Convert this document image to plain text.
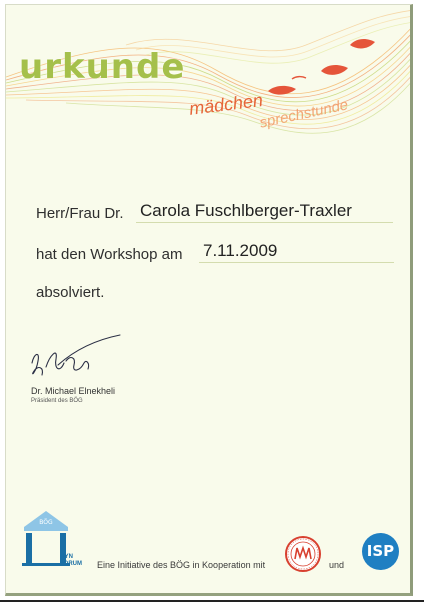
urkunde
mädchen
sprechstunde
Herr/Frau Dr. Carola Fuschlberger-Traxler
hat den Workshop am 7.11.2009
absolviert.
Dr. Michael Elnekheli
Präsident des BÖG
BÖG
GYN
FORUM Eine Initiative des BÖG in Kooperation mit	und
ISP
